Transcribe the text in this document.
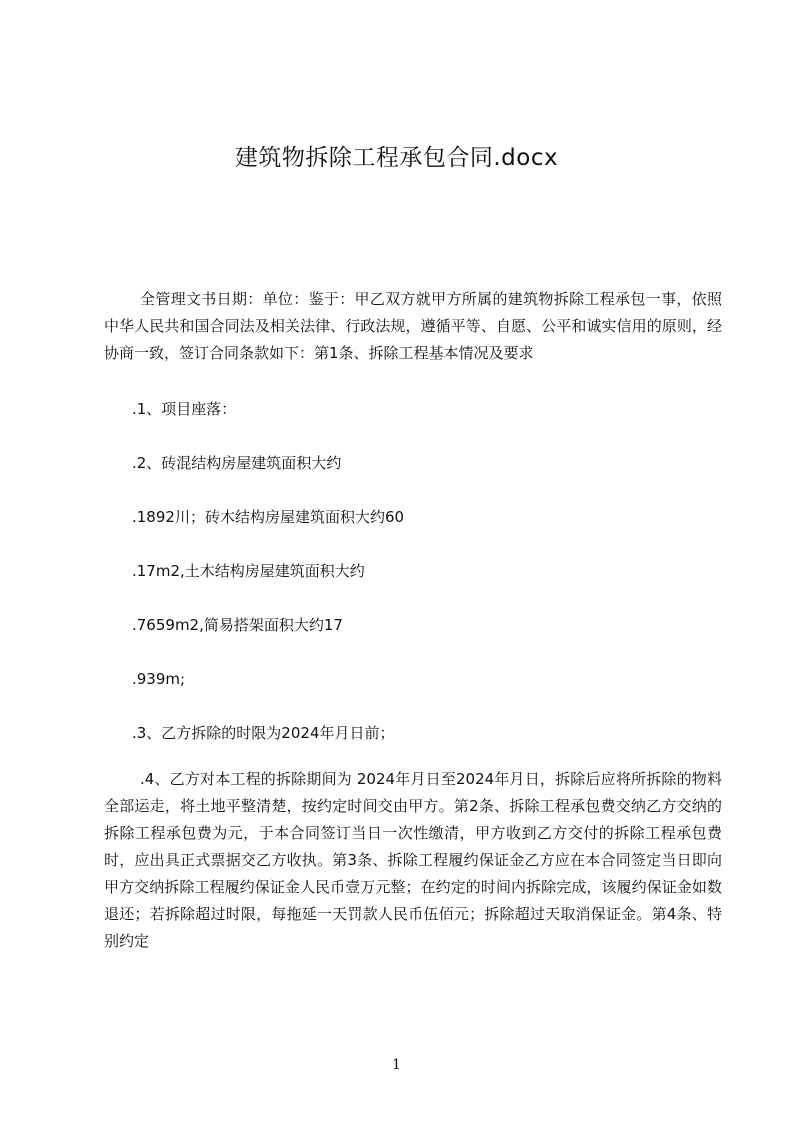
建筑物拆除工程承包合同.docx

全管理文书日期：单位：鉴于：甲乙双方就甲方所属的建筑物拆除工程承包一事，依照中华人民共和国合同法及相关法律、行政法规，遵循平等、自愿、公平和诚实信用的原则，经协商一致，签订合同条款如下：第1条、拆除工程基本情况及要求

.1、项目座落：

.2、砖混结构房屋建筑面积大约

.1892川；砖木结构房屋建筑面积大约60

.17m2,土木结构房屋建筑面积大约

.7659m2,简易搭架面积大约17

.939m;

.3、乙方拆除的时限为2024年月日前；

.4、乙方对本工程的拆除期间为 2024年月日至2024年月日，拆除后应将所拆除的物料全部运走，将土地平整清楚，按约定时间交由甲方。第2条、拆除工程承包费交纳乙方交纳的拆除工程承包费为元，于本合同签订当日一次性缴清，甲方收到乙方交付的拆除工程承包费时，应出具正式票据交乙方收执。第3条、拆除工程履约保证金乙方应在本合同签定当日即向甲方交纳拆除工程履约保证金人民币壹万元整；在约定的时间内拆除完成，该履约保证金如数退还；若拆除超过时限，每拖延一天罚款人民币伍佰元；拆除超过天取消保证金。第4条、特别约定

1
